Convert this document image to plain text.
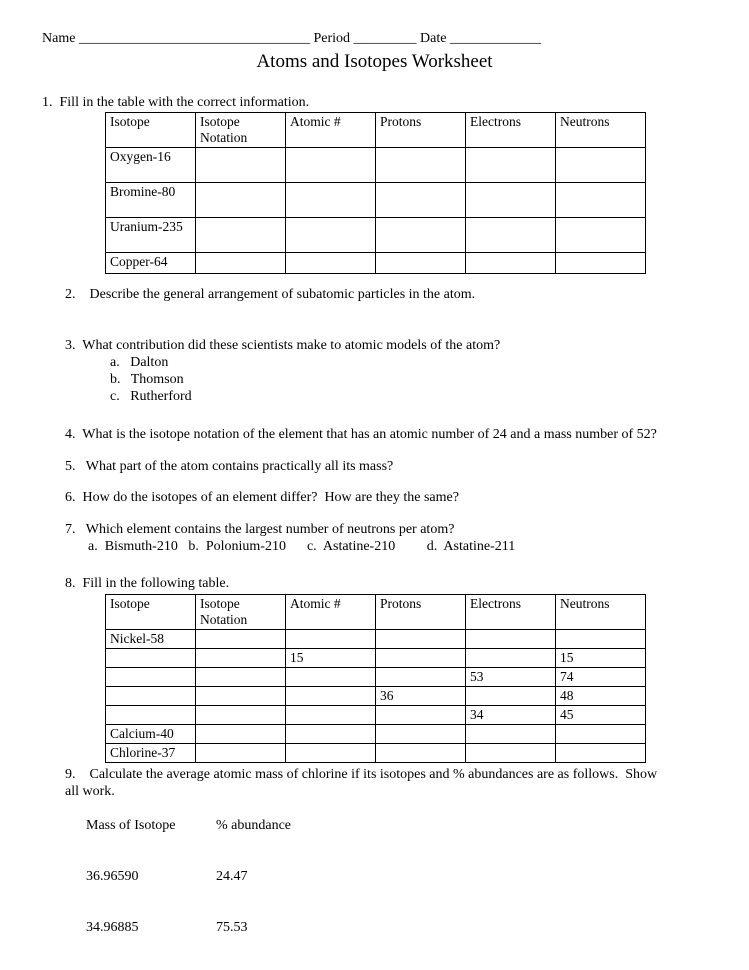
Name _________________________________ Period _________ Date _____________
Atoms and Isotopes Worksheet
1.  Fill in the table with the correct information.
Isotope	Isotope Notation	Atomic #	Protons	Electrons	Neutrons
Oxygen-16					
Bromine-80					
Uranium-235					
Copper-64					
2.    Describe the general arrangement of subatomic particles in the atom.
3.  What contribution did these scientists make to atomic models of the atom?
a.   Dalton
b.   Thomson
c.   Rutherford
4.  What is the isotope notation of the element that has an atomic number of 24 and a mass number of 52?
5.   What part of the atom contains practically all its mass?
6.  How do the isotopes of an element differ?  How are they the same?
7.   Which element contains the largest number of neutrons per atom?
a.  Bismuth-210   b.  Polonium-210      c.  Astatine-210         d.  Astatine-211
8.  Fill in the following table.
Isotope	Isotope Notation	Atomic #	Protons	Electrons	Neutrons
Nickel-58					
		15			15
				53	74
			36		48
				34	45
Calcium-40					
Chlorine-37					
9.    Calculate the average atomic mass of chlorine if its isotopes and % abundances are as follows.  Show
all work.

Mass of Isotope	% abundance

36.96590	24.47

34.96885	75.53
